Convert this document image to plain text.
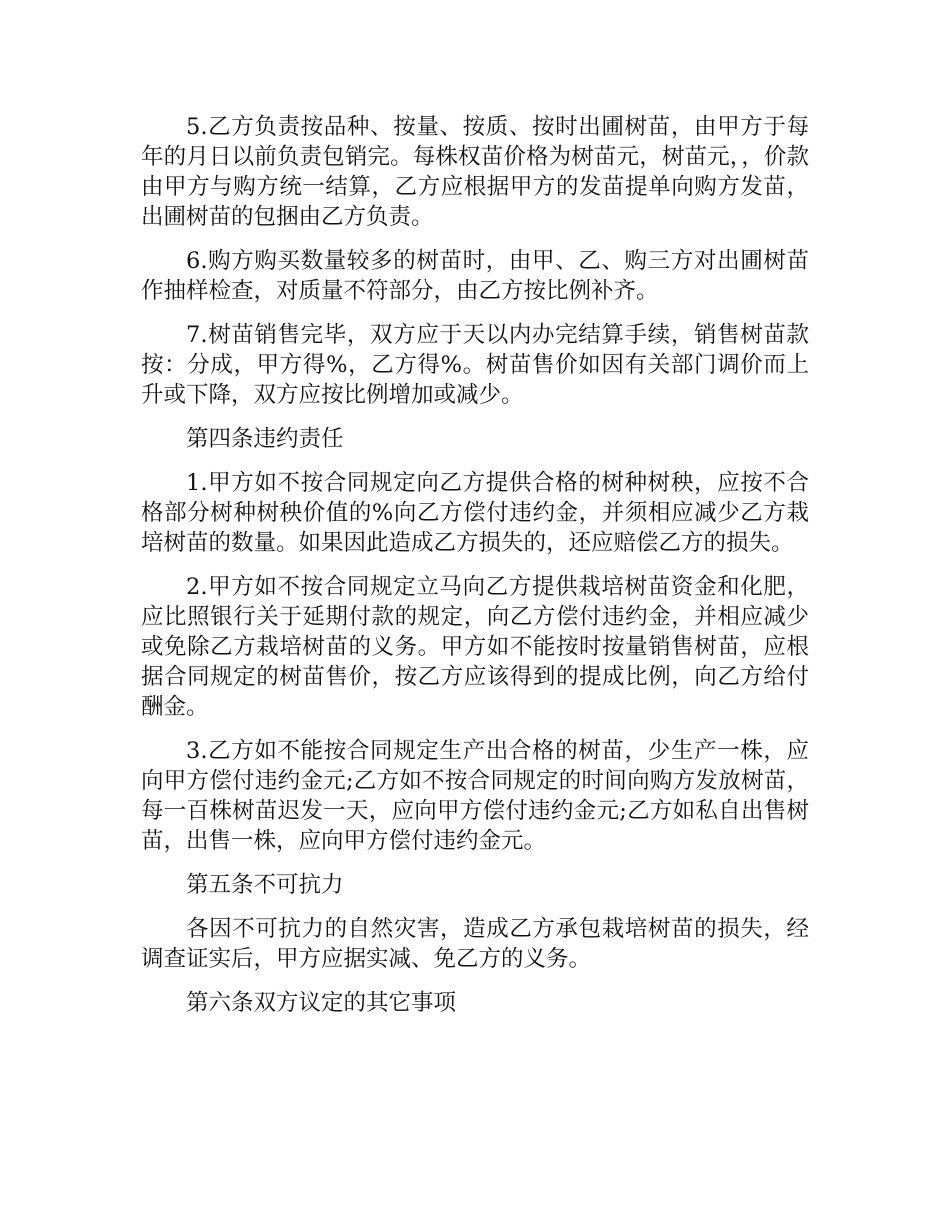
5.乙方负责按品种、按量、按质、按时出圃树苗，由甲方于每年的月日以前负责包销完。每株权苗价格为树苗元，树苗元，，价款由甲方与购方统一结算，乙方应根据甲方的发苗提单向购方发苗，出圃树苗的包捆由乙方负责。

6.购方购买数量较多的树苗时，由甲、乙、购三方对出圃树苗作抽样检查，对质量不符部分，由乙方按比例补齐。

7.树苗销售完毕，双方应于天以内办完结算手续，销售树苗款按：分成，甲方得%，乙方得%。树苗售价如因有关部门调价而上升或下降，双方应按比例增加或减少。

第四条违约责任

1.甲方如不按合同规定向乙方提供合格的树种树秧，应按不合格部分树种树秧价值的%向乙方偿付违约金，并须相应减少乙方栽培树苗的数量。如果因此造成乙方损失的，还应赔偿乙方的损失。

2.甲方如不按合同规定立马向乙方提供栽培树苗资金和化肥，应比照银行关于延期付款的规定，向乙方偿付违约金，并相应减少或免除乙方栽培树苗的义务。甲方如不能按时按量销售树苗，应根据合同规定的树苗售价，按乙方应该得到的提成比例，向乙方给付酬金。

3.乙方如不能按合同规定生产出合格的树苗，少生产一株，应向甲方偿付违约金元;乙方如不按合同规定的时间向购方发放树苗，每一百株树苗迟发一天，应向甲方偿付违约金元;乙方如私自出售树苗，出售一株，应向甲方偿付违约金元。

第五条不可抗力

各因不可抗力的自然灾害，造成乙方承包栽培树苗的损失，经调查证实后，甲方应据实减、免乙方的义务。

第六条双方议定的其它事项
